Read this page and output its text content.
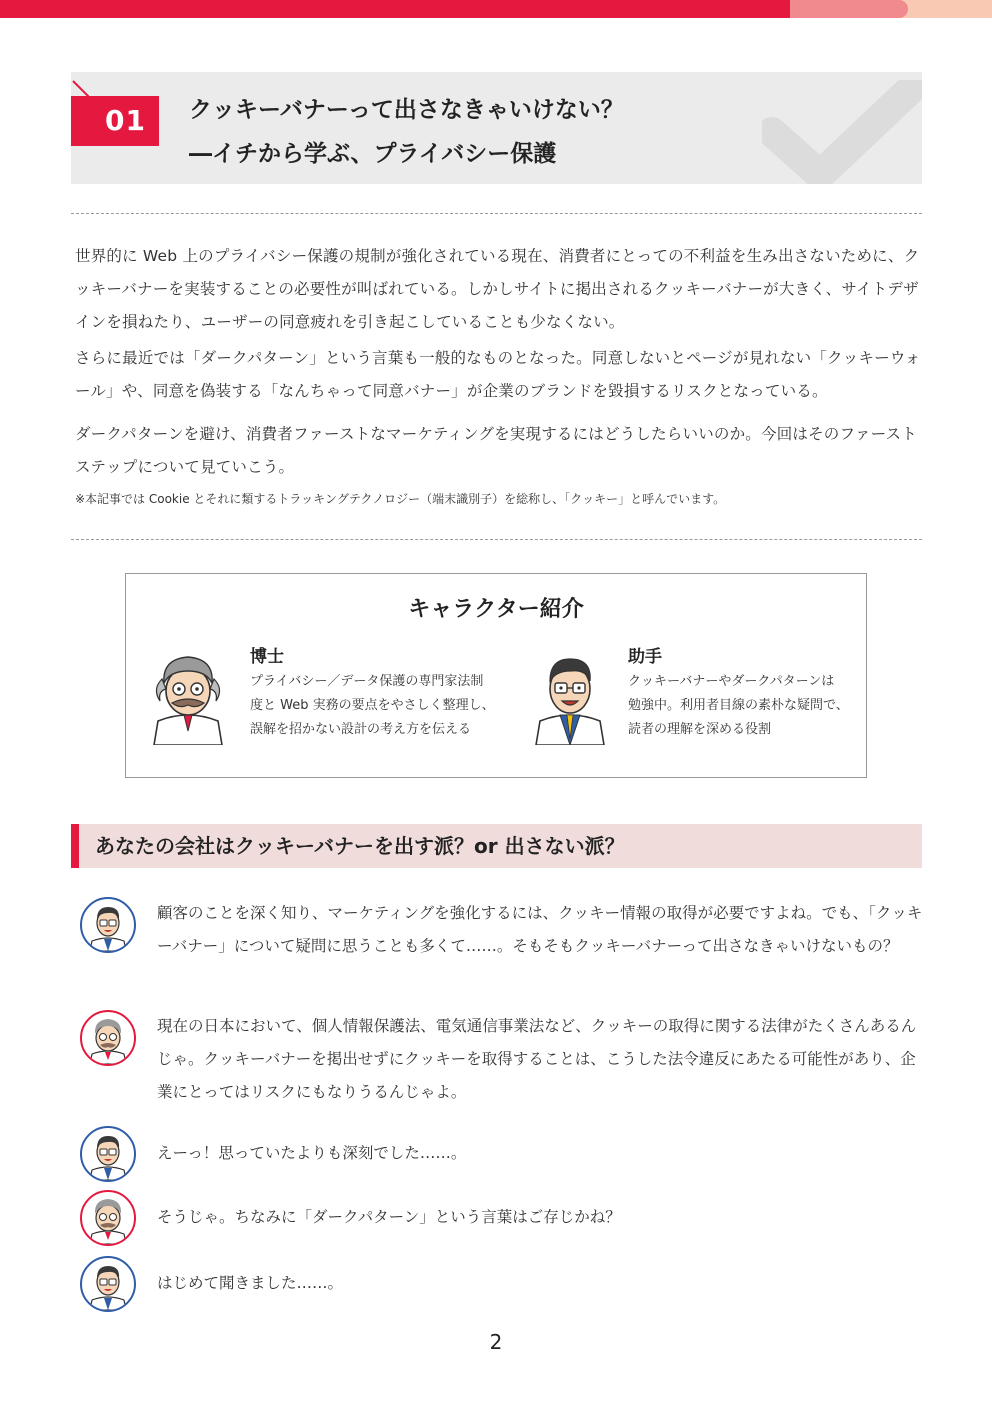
01 クッキーバナーって出さなきゃいけない？
―イチから学ぶ、プライバシー保護

世界的に Web 上のプライバシー保護の規制が強化されている現在、消費者にとっての不利益を生み出さないために、クッキーバナーを実装することの必要性が叫ばれている。しかしサイトに掲出されるクッキーバナーが大きく、サイトデザインを損ねたり、ユーザーの同意疲れを引き起こしていることも少なくない。

さらに最近では「ダークパターン」という言葉も一般的なものとなった。同意しないとページが見れない「クッキーウォール」や、同意を偽装する「なんちゃって同意バナー」が企業のブランドを毀損するリスクとなっている。

ダークパターンを避け、消費者ファーストなマーケティングを実現するにはどうしたらいいのか。今回はそのファーストステップについて見ていこう。

※本記事では Cookie とそれに類するトラッキングテクノロジー（端末識別子）を総称し、「クッキー」と呼んでいます。

キャラクター紹介

博士

プライバシー／データ保護の専門家法制
度と Web 実務の要点をやさしく整理し、
誤解を招かない設計の考え方を伝える

助手

クッキーバナーやダークパターンは
勉強中。利用者目線の素朴な疑問で、
読者の理解を深める役割

あなたの会社はクッキーバナーを出す派？or 出さない派？

顧客のことを深く知り、マーケティングを強化するには、クッキー情報の取得が必要ですよね。でも、「クッキーバナー」について疑問に思うことも多くて……。そもそもクッキーバナーって出さなきゃいけないもの？

現在の日本において、個人情報保護法、電気通信事業法など、クッキーの取得に関する法律がたくさんあるんじゃ。クッキーバナーを掲出せずにクッキーを取得することは、こうした法令違反にあたる可能性があり、企業にとってはリスクにもなりうるんじゃよ。

えーっ！思っていたよりも深刻でした……。

そうじゃ。ちなみに「ダークパターン」という言葉はご存じかね？

はじめて聞きました……。

2
